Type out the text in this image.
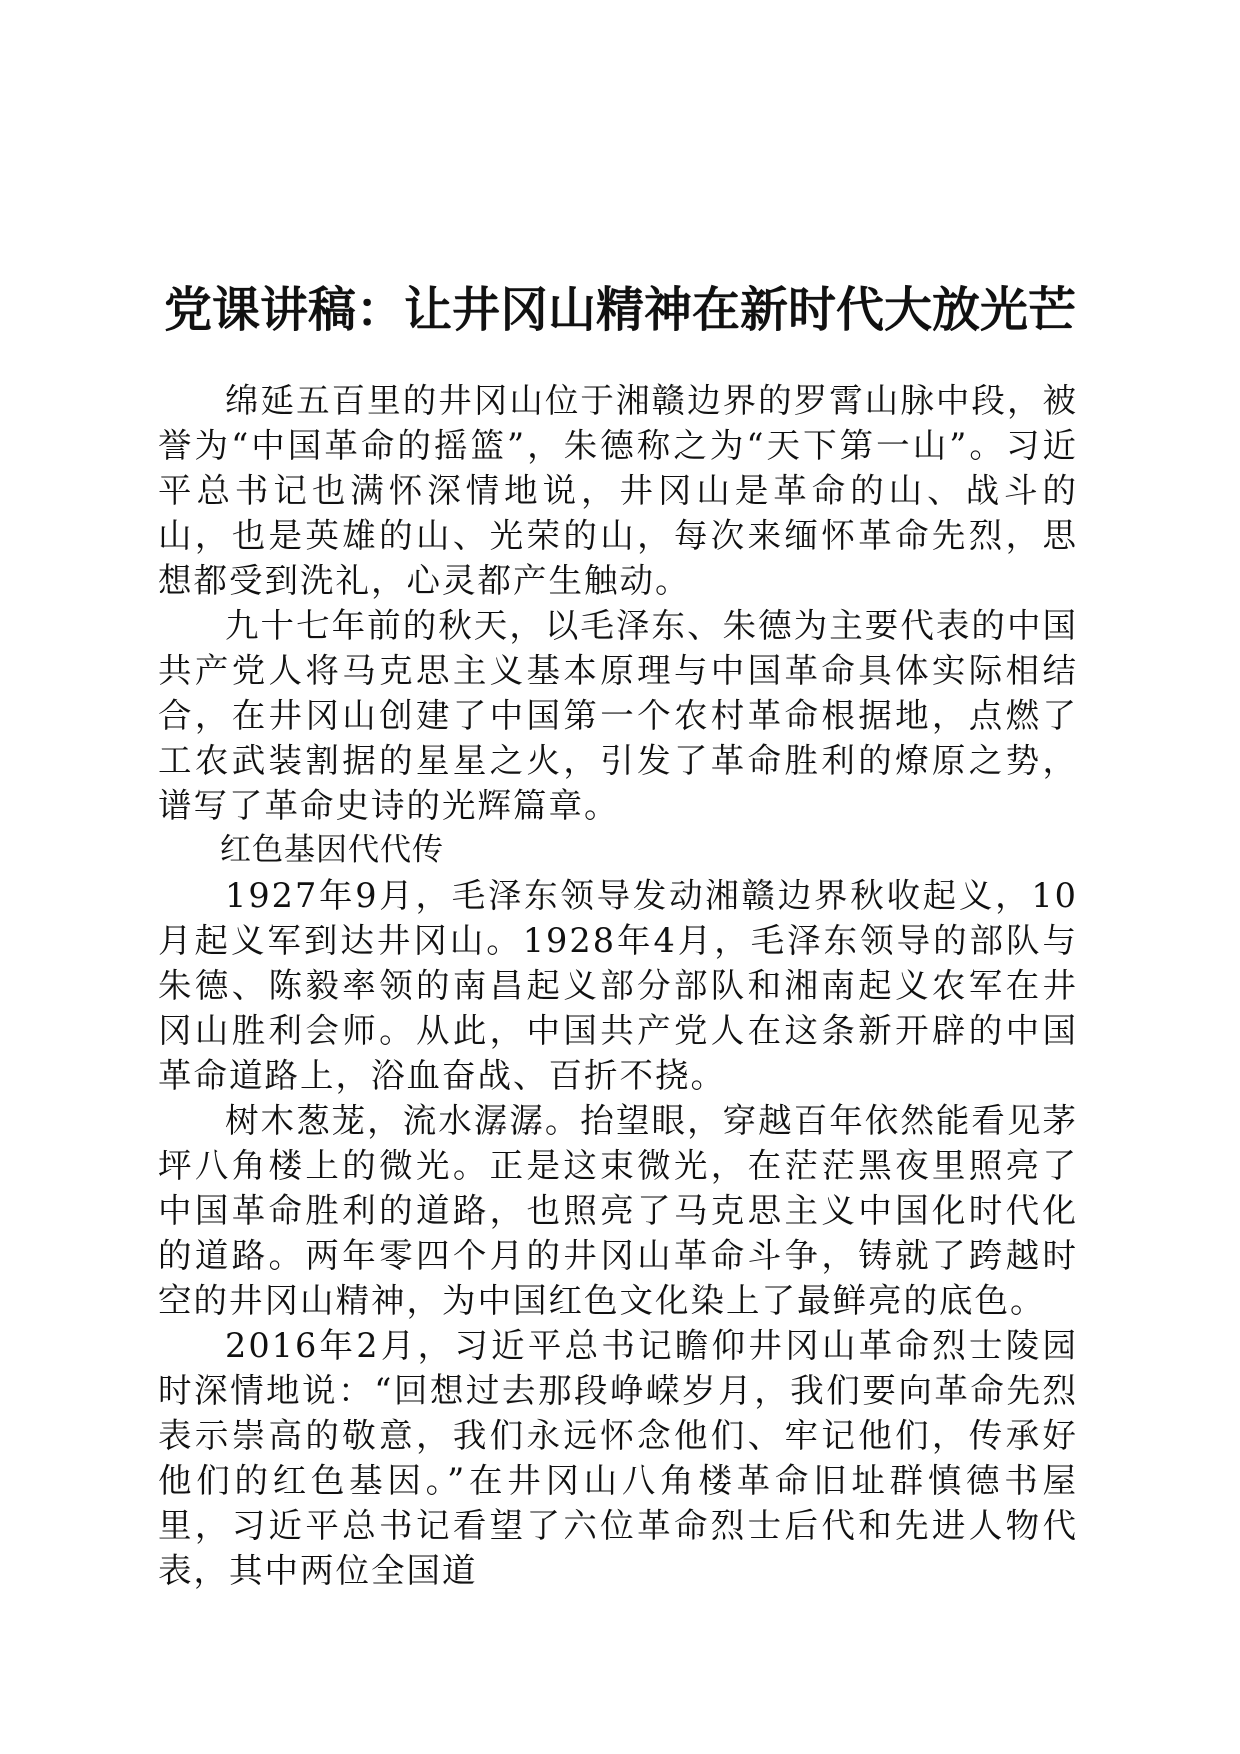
党课讲稿：让井冈山精神在新时代大放光芒

绵延五百里的井冈山位于湘赣边界的罗霄山脉中段，被誉为“中国革命的摇篮”，朱德称之为“天下第一山”。习近平总书记也满怀深情地说，井冈山是革命的山、战斗的山，也是英雄的山、光荣的山，每次来缅怀革命先烈，思想都受到洗礼，心灵都产生触动。

九十七年前的秋天，以毛泽东、朱德为主要代表的中国共产党人将马克思主义基本原理与中国革命具体实际相结合，在井冈山创建了中国第一个农村革命根据地，点燃了工农武装割据的星星之火，引发了革命胜利的燎原之势，谱写了革命史诗的光辉篇章。

红色基因代代传

1927年9月，毛泽东领导发动湘赣边界秋收起义，10月起义军到达井冈山。1928年4月，毛泽东领导的部队与朱德、陈毅率领的南昌起义部分部队和湘南起义农军在井冈山胜利会师。从此，中国共产党人在这条新开辟的中国革命道路上，浴血奋战、百折不挠。

树木葱茏，流水潺潺。抬望眼，穿越百年依然能看见茅坪八角楼上的微光。正是这束微光，在茫茫黑夜里照亮了中国革命胜利的道路，也照亮了马克思主义中国化时代化的道路。两年零四个月的井冈山革命斗争，铸就了跨越时空的井冈山精神，为中国红色文化染上了最鲜亮的底色。

2016年2月，习近平总书记瞻仰井冈山革命烈士陵园时深情地说：“回想过去那段峥嵘岁月，我们要向革命先烈表示崇高的敬意，我们永远怀念他们、牢记他们，传承好他们的红色基因。”在井冈山八角楼革命旧址群慎德书屋里，习近平总书记看望了六位革命烈士后代和先进人物代表，其中两位全国道
